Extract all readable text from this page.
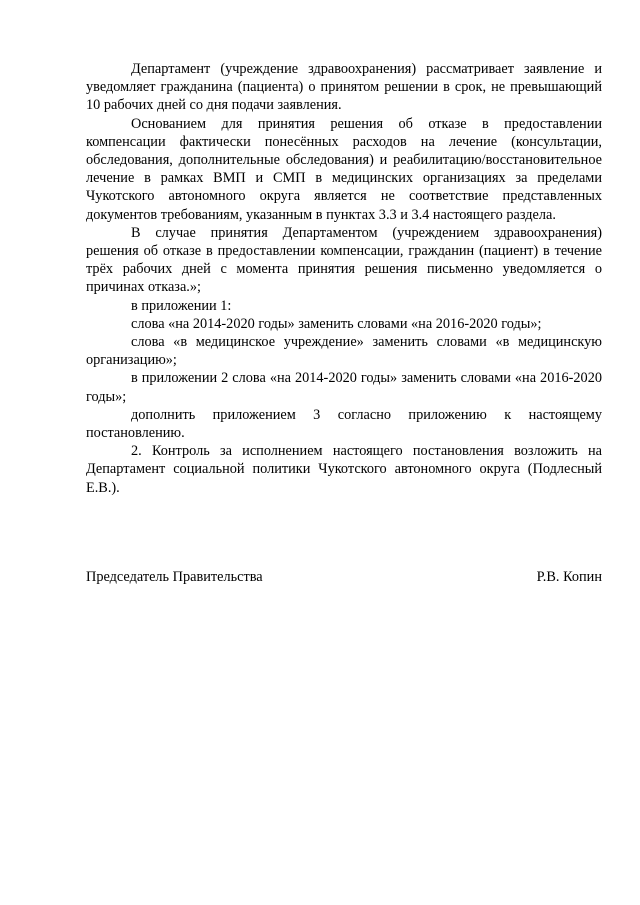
Департамент (учреждение здравоохранения) рассматривает заявление и уведомляет гражданина (пациента) о принятом решении в срок, не превышающий 10 рабочих дней со дня подачи заявления.

Основанием для принятия решения об отказе в предоставлении компенсации фактически понесённых расходов на лечение (консультации, обследования, дополнительные обследования) и реабилитацию/восстановительное лечение в рамках ВМП и СМП в медицинских организациях за пределами Чукотского автономного округа является не соответствие представленных документов требованиям, указанным в пунктах 3.3 и 3.4 настоящего раздела.

В случае принятия Департаментом (учреждением здравоохранения) решения об отказе в предоставлении компенсации, гражданин (пациент) в течение трёх рабочих дней с момента принятия решения письменно уведомляется о причинах отказа.»;

в приложении 1:

слова «на 2014-2020 годы» заменить словами «на 2016-2020 годы»;

слова «в медицинское учреждение» заменить словами «в медицинскую организацию»;

в приложении 2 слова «на 2014-2020 годы» заменить словами «на 2016-2020 годы»;

дополнить приложением 3 согласно приложению к настоящему постановлению.

2. Контроль за исполнением настоящего постановления возложить на Департамент социальной политики Чукотского автономного округа (Подлесный Е.В.).

Председатель Правительства	Р.В. Копин
